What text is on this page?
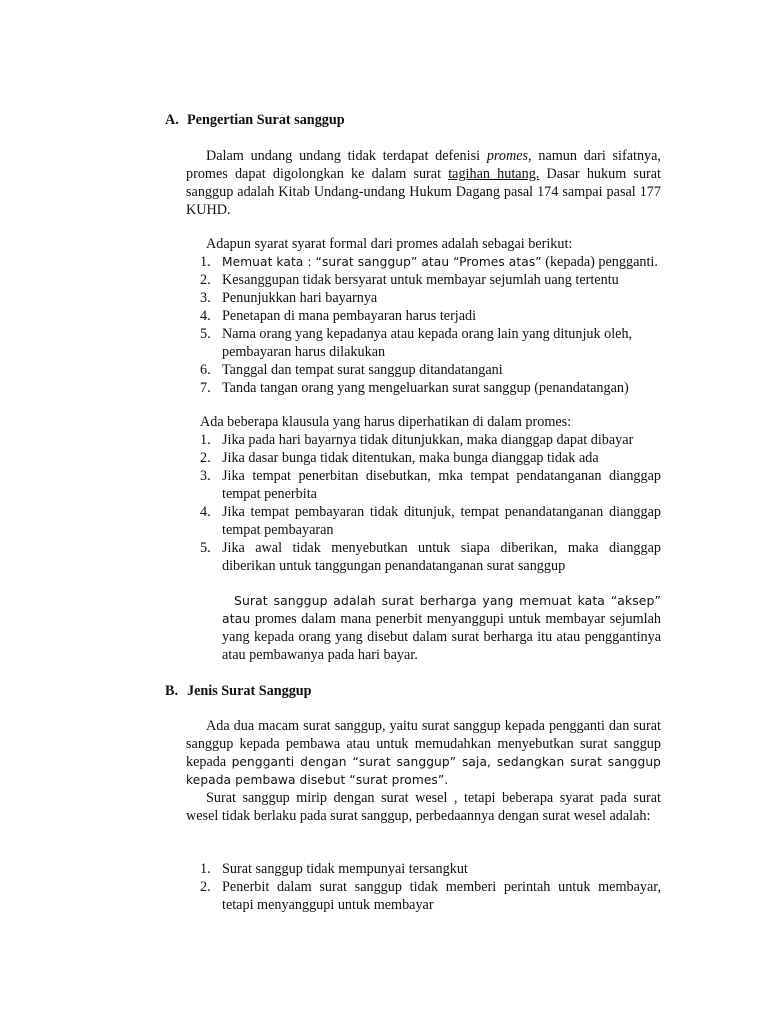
A. Pengertian Surat sanggup

Dalam undang undang tidak terdapat defenisi promes, namun dari sifatnya, promes dapat digolongkan ke dalam surat tagihan hutang. Dasar hukum surat sanggup adalah Kitab Undang-undang Hukum Dagang pasal 174 sampai pasal 177 KUHD.

Adapun syarat syarat formal dari promes adalah sebagai berikut:

1. Memuat kata : “surat sanggup” atau “Promes atas” (kepada) pengganti.
2. Kesanggupan tidak bersyarat untuk membayar sejumlah uang tertentu
3. Penunjukkan hari bayarnya
4. Penetapan di mana pembayaran harus terjadi
5. Nama orang yang kepadanya atau kepada orang lain yang ditunjuk oleh, pembayaran harus dilakukan
6. Tanggal dan tempat surat sanggup ditandatangani
7. Tanda tangan orang yang mengeluarkan surat sanggup (penandatangan)

Ada beberapa klausula yang harus diperhatikan di dalam promes:

1. Jika pada hari bayarnya tidak ditunjukkan, maka dianggap dapat dibayar
2. Jika dasar bunga tidak ditentukan, maka bunga dianggap tidak ada
3. Jika tempat penerbitan disebutkan, mka tempat pendatanganan dianggap tempat penerbita
4. Jika tempat pembayaran tidak ditunjuk, tempat penandatanganan dianggap tempat pembayaran
5. Jika awal tidak menyebutkan untuk siapa diberikan, maka dianggap diberikan untuk tanggungan penandatanganan surat sanggup

Surat sanggup adalah surat berharga yang memuat kata “aksep” atau promes dalam mana penerbit menyanggupi untuk membayar sejumlah yang kepada orang yang disebut dalam surat berharga itu atau penggantinya atau pembawanya pada hari bayar.

B. Jenis Surat Sanggup

Ada dua macam surat sanggup, yaitu surat sanggup kepada pengganti dan surat sanggup kepada pembawa atau untuk memudahkan menyebutkan surat sanggup kepada pengganti dengan “surat sanggup” saja, sedangkan surat sanggup kepada pembawa disebut “surat promes”.

Surat sanggup mirip dengan surat wesel , tetapi beberapa syarat pada surat wesel tidak berlaku pada surat sanggup, perbedaannya dengan surat wesel adalah:

1. Surat sanggup tidak mempunyai tersangkut
2. Penerbit dalam surat sanggup tidak memberi perintah untuk membayar, tetapi menyanggupi untuk membayar
